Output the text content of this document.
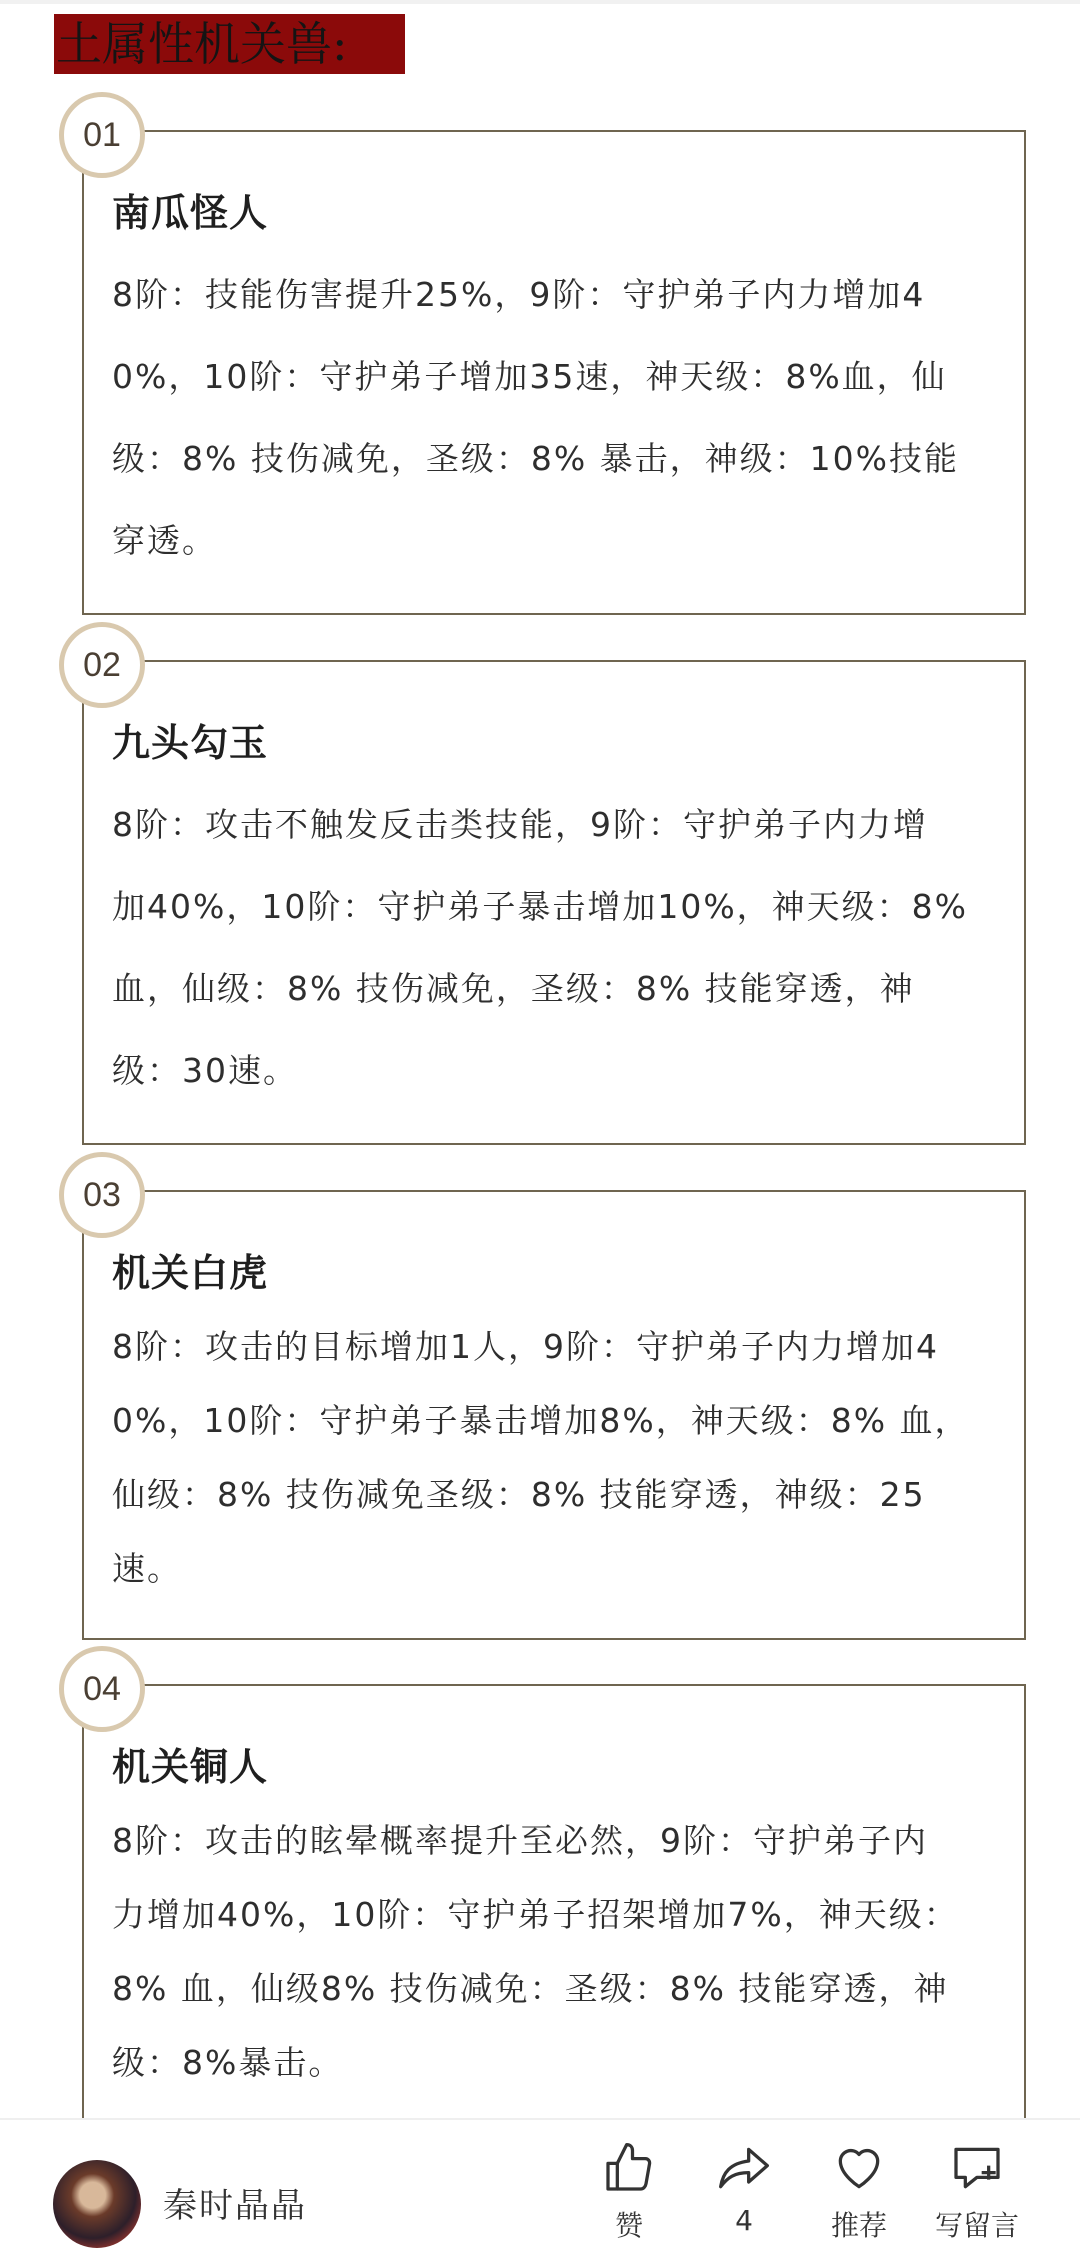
土属性机关兽:
南瓜怪人
8阶：技能伤害提升25%，9阶：守护弟子内力增加4
0%，10阶：守护弟子增加35速，神天级：8%血，仙
级：8% 技伤减免，圣级：8% 暴击，神级：10%技能
穿透。
01
九头勾玉
8阶：攻击不触发反击类技能，9阶：守护弟子内力增
加40%，10阶：守护弟子暴击增加10%，神天级：8%
血，仙级：8% 技伤减免，圣级：8% 技能穿透，神
级：30速。
02
机关白虎
8阶：攻击的目标增加1人，9阶：守护弟子内力增加4
0%，10阶：守护弟子暴击增加8%，神天级：8% 血，
仙级：8% 技伤减免圣级：8% 技能穿透，神级：25
速。
03
机关铜人
8阶：攻击的眩晕概率提升至必然，9阶：守护弟子内
力增加40%，10阶：守护弟子招架增加7%，神天级：
8% 血，仙级8% 技伤减免：圣级：8% 技能穿透，神
级：8%暴击。
04
秦时晶晶	赞	4	推荐	写留言
